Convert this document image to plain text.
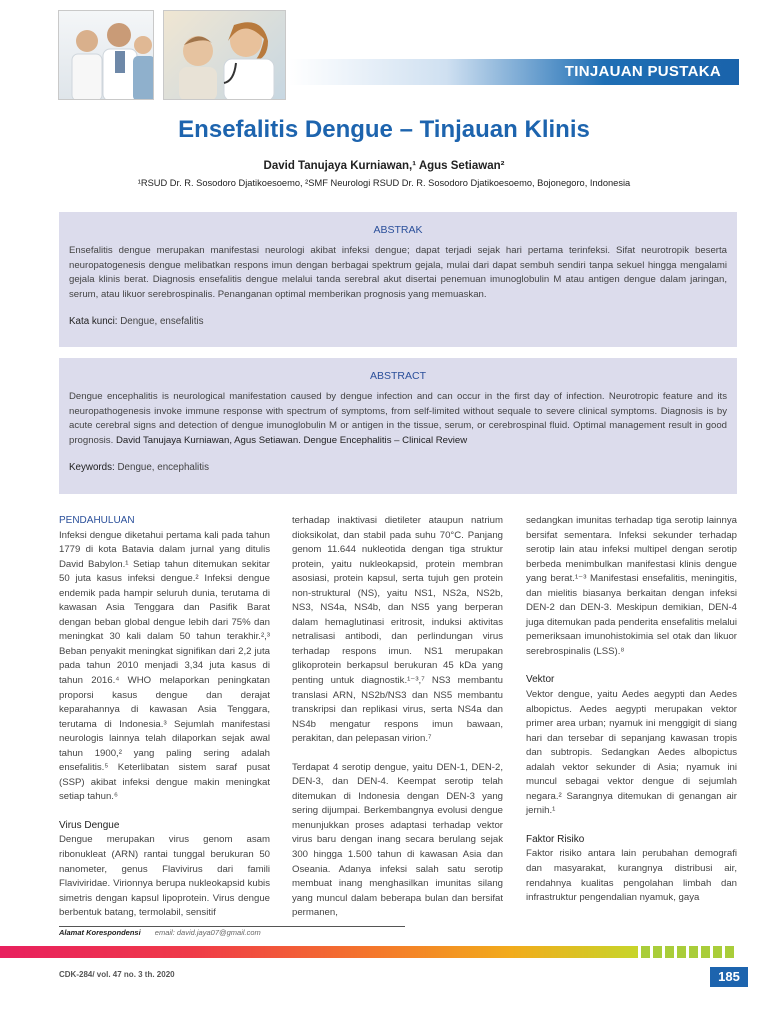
TINJAUAN PUSTAKA
Ensefalitis Dengue – Tinjauan Klinis
David Tanujaya Kurniawan,¹ Agus Setiawan²
¹RSUD Dr. R. Sosodoro Djatikoesoemo, ²SMF Neurologi RSUD Dr. R. Sosodoro Djatikoesoemo, Bojonegoro, Indonesia
ABSTRAK

Ensefalitis dengue merupakan manifestasi neurologi akibat infeksi dengue; dapat terjadi sejak hari pertama terinfeksi. Sifat neurotropik beserta neuropatogenesis dengue melibatkan respons imun dengan berbagai spektrum gejala, mulai dari dapat sembuh sendiri tanpa sekuel hingga mengalami gejala klinis berat. Diagnosis ensefalitis dengue melalui tanda serebral akut disertai penemuan imunoglobulin M atau antigen dengue dalam jaringan, serum, atau likuor serebrospinalis. Penanganan optimal memberikan prognosis yang memuaskan.

Kata kunci: Dengue, ensefalitis
ABSTRACT

Dengue encephalitis is neurological manifestation caused by dengue infection and can occur in the first day of infection. Neurotropic feature and its neuropathogenesis invoke immune response with spectrum of symptoms, from self-limited without sequale to severe clinical symptoms. Diagnosis is by acute cerebral signs and detection of dengue imunoglobulin M or antigen in the tissue, serum, or cerebrospinal fluid. Optimal management result in good prognosis. David Tanujaya Kurniawan, Agus Setiawan. Dengue Encephalitis – Clinical Review

Keywords: Dengue, encephalitis

PENDAHULUAN

Infeksi dengue diketahui pertama kali pada tahun 1779 di kota Batavia dalam jurnal yang ditulis David Babylon.¹ Setiap tahun ditemukan sekitar 50 juta kasus infeksi dengue.² Infeksi dengue endemik pada hampir seluruh dunia, terutama di kawasan Asia Tenggara dan Pasifik Barat dengan beban global dengue lebih dari 75% dan meningkat 30 kali dalam 50 tahun terakhir.²,³ Beban penyakit meningkat signifikan dari 2,2 juta pada tahun 2010 menjadi 3,34 juta kasus di tahun 2016.⁴ WHO melaporkan peningkatan proporsi kasus dengue dan derajat keparahannya di kawasan Asia Tenggara, terutama di Indonesia.³ Sejumlah manifestasi neurologis lainnya telah dilaporkan sejak awal tahun 1900,² yang paling sering adalah ensefalitis.⁵ Keterlibatan sistem saraf pusat (SSP) akibat infeksi dengue makin meningkat setiap tahun.⁶

Virus Dengue

Dengue merupakan virus genom asam ribonukleat (ARN) rantai tunggal berukuran 50 nanometer, genus Flavivirus dari famili Flaviviridae. Virionnya berupa nukleokapsid kubis simetris dengan kapsul lipoprotein. Virus dengue berbentuk batang, termolabil, sensitif

terhadap inaktivasi dietileter ataupun natrium dioksikolat, dan stabil pada suhu 70°C. Panjang genom 11.644 nukleotida dengan tiga struktur protein, yaitu nukleokapsid, protein membran asosiasi, protein kapsul, serta tujuh gen protein non-struktural (NS), yaitu NS1, NS2a, NS2b, NS3, NS4a, NS4b, dan NS5 yang berperan dalam hemaglutinasi eritrosit, induksi aktivitas netralisasi antibodi, dan perlindungan virus terhadap respons imun. NS1 merupakan glikoprotein berkapsul berukuran 45 kDa yang penting untuk diagnostik.¹⁻³,⁷ NS3 membantu translasi ARN, NS2b/NS3 dan NS5 membantu transkripsi dan replikasi virus, serta NS4a dan NS4b mengatur respons imun bawaan, perakitan, dan pelepasan virion.⁷

Terdapat 4 serotip dengue, yaitu DEN-1, DEN-2, DEN-3, dan DEN-4. Keempat serotip telah ditemukan di Indonesia dengan DEN-3 yang sering dijumpai. Berkembangnya evolusi dengue menunjukkan proses adaptasi terhadap vektor virus baru dengan inang secara berulang sejak 300 hingga 1.500 tahun di kawasan Asia dan Oseania. Adanya infeksi salah satu serotip membuat inang menghasilkan imunitas silang yang muncul dalam beberapa bulan dan bersifat permanen,

sedangkan imunitas terhadap tiga serotip lainnya bersifat sementara. Infeksi sekunder terhadap serotip lain atau infeksi multipel dengan serotip berbeda menimbulkan manifestasi klinis dengue yang berat.¹⁻³ Manifestasi ensefalitis, meningitis, dan mielitis biasanya berkaitan dengan infeksi DEN-2 dan DEN-3. Meskipun demikian, DEN-4 juga ditemukan pada penderita ensefalitis melalui pemeriksaan imunohistokimia sel otak dan likuor serebrospinalis (LSS).⁸

Vektor

Vektor dengue, yaitu Aedes aegypti dan Aedes albopictus. Aedes aegypti merupakan vektor primer area urban; nyamuk ini menggigit di siang hari dan tersebar di sepanjang kawasan tropis dan subtropis. Sedangkan Aedes albopictus adalah vektor sekunder di Asia; nyamuk ini muncul sebagai vektor dengue di sejumlah negara.² Sarangnya ditemukan di genangan air jernih.¹

Faktor Risiko

Faktor risiko antara lain perubahan demografi dan masyarakat, kurangnya distribusi air, rendahnya kualitas pengolahan limbah dan infrastruktur pengendalian nyamuk, gaya

Alamat Korespondensi email: david.jaya07@gmail.com
CDK-284/ vol. 47 no. 3 th. 2020	185
